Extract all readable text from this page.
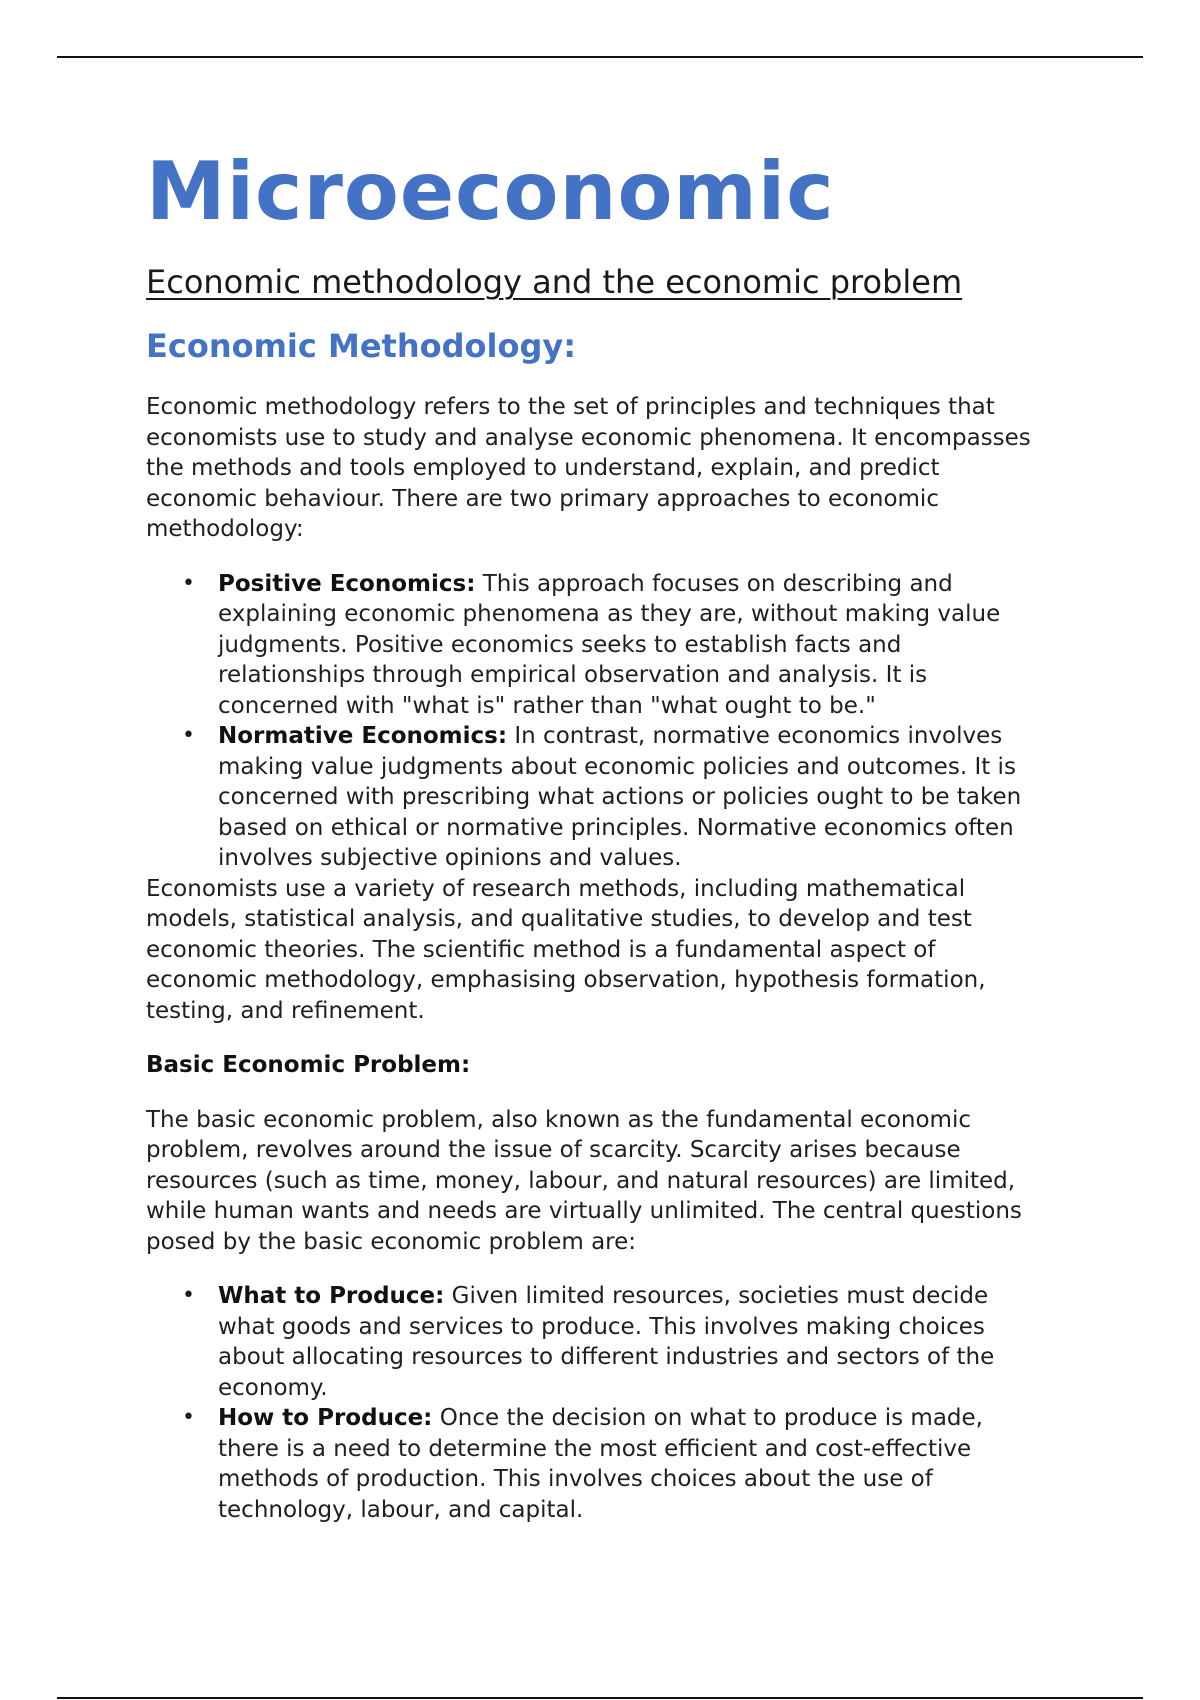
Microeconomic
Economic methodology and the economic problem
Economic Methodology:

Economic methodology refers to the set of principles and techniques that economists use to study and analyse economic phenomena. It encompasses the methods and tools employed to understand, explain, and predict economic behaviour. There are two primary approaches to economic methodology:

• Positive Economics: This approach focuses on describing and explaining economic phenomena as they are, without making value judgments. Positive economics seeks to establish facts and relationships through empirical observation and analysis. It is concerned with "what is" rather than "what ought to be."
• Normative Economics: In contrast, normative economics involves making value judgments about economic policies and outcomes. It is concerned with prescribing what actions or policies ought to be taken based on ethical or normative principles. Normative economics often involves subjective opinions and values.

Economists use a variety of research methods, including mathematical models, statistical analysis, and qualitative studies, to develop and test economic theories. The scientific method is a fundamental aspect of economic methodology, emphasising observation, hypothesis formation, testing, and refinement.

Basic Economic Problem:

The basic economic problem, also known as the fundamental economic problem, revolves around the issue of scarcity. Scarcity arises because resources (such as time, money, labour, and natural resources) are limited, while human wants and needs are virtually unlimited. The central questions posed by the basic economic problem are:

• What to Produce: Given limited resources, societies must decide what goods and services to produce. This involves making choices about allocating resources to different industries and sectors of the economy.
• How to Produce: Once the decision on what to produce is made, there is a need to determine the most efficient and cost-effective methods of production. This involves choices about the use of technology, labour, and capital.
